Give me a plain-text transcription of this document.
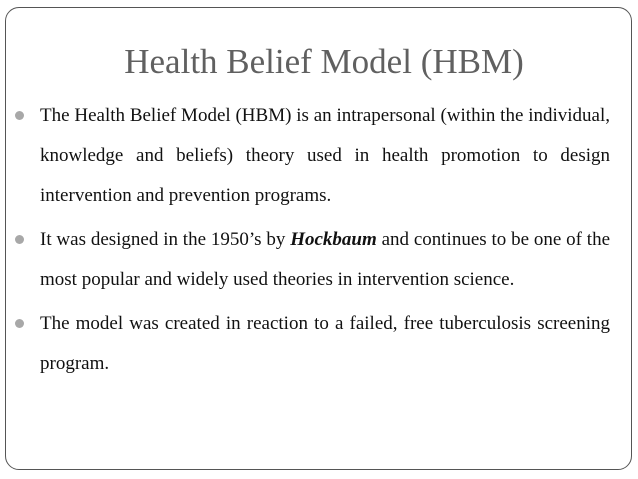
Health Belief Model (HBM)
The Health Belief Model (HBM) is an intrapersonal (within the individual, knowledge and beliefs) theory used in health promotion to design intervention and prevention programs.
It was designed in the 1950’s by Hockbaum and continues to be one of the most popular and widely used theories in intervention science.
The model was created in reaction to a failed, free tuberculosis screening program.
